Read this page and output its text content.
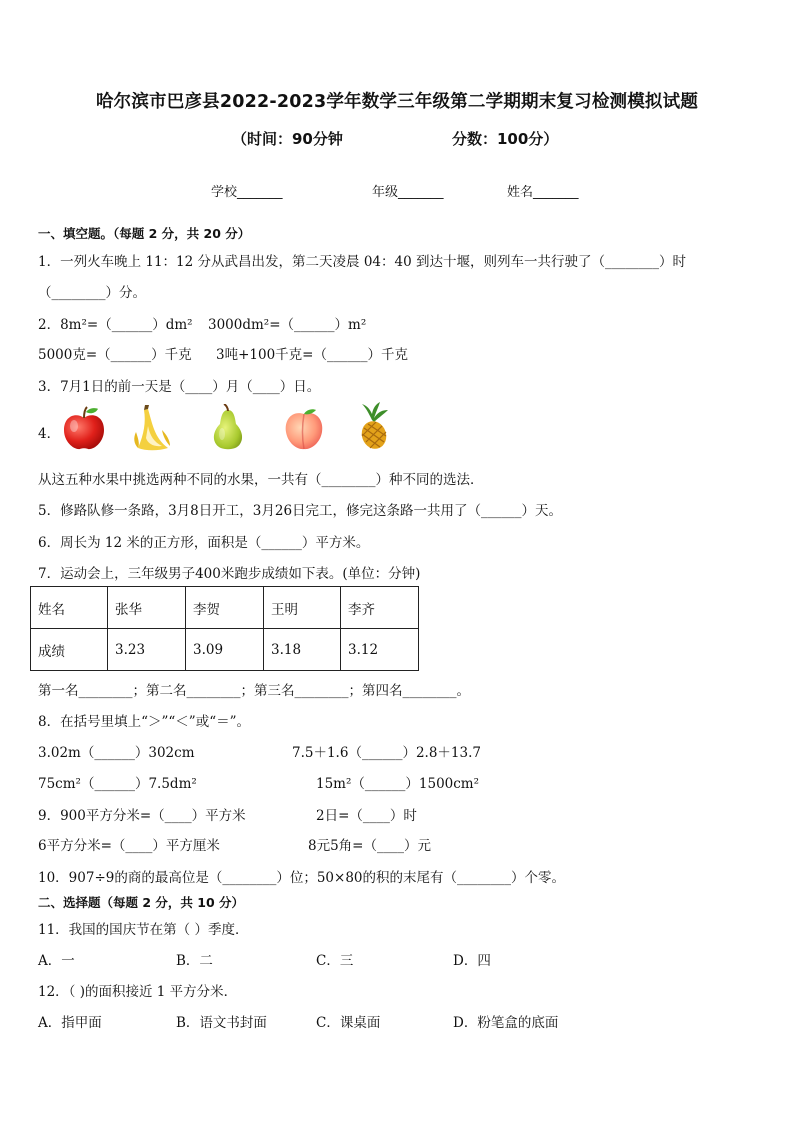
哈尔滨市巴彦县2022-2023学年数学三年级第二学期期末复习检测模拟试题
（时间：90分钟	分数：100分）
学校_______	年级_______	姓名_______
一、填空题。（每题 2 分，共 20 分）
1．一列火车晚上 11：12 分从武昌出发，第二天凌晨 04：40 到达十堰，则列车一共行驶了（________）时
（________）分。
2．8m²=（______）dm² 3000dm²=（______）m²
5000克=（______）千克 3吨+100千克=（______）千克
3．7月1日的前一天是（____）月（____）日。
4．
从这五种水果中挑选两种不同的水果，一共有（________）种不同的选法．
5．修路队修一条路，3月8日开工，3月26日完工，修完这条路一共用了（______）天。
6．周长为 12 米的正方形，面积是（______）平方米。
7．运动会上，三年级男子400米跑步成绩如下表。(单位：分钟)
姓名	张华	李贺	王明	李齐
成绩	3.23	3.09	3.18	3.12
第一名________；第二名________；第三名________；第四名________。
8．在括号里填上“＞”“＜”或“＝”。
3.02m（______）302cm	7.5＋1.6（______）2.8＋13.7
75cm²（______）7.5dm²	15m²（______）1500cm²
9．900平方分米=（____）平方米	2日=（____）时
6平方分米=（____）平方厘米	8元5角=（____）元
10．907÷9的商的最高位是（________）位；50×80的积的末尾有（________）个零。
二、选择题（每题 2 分，共 10 分）
11．我国的国庆节在第（ ）季度．
A．一	B．二	C．三	D．四
12．（ )的面积接近 1 平方分米．
A．指甲面	B．语文书封面	C．课桌面	D．粉笔盒的底面
